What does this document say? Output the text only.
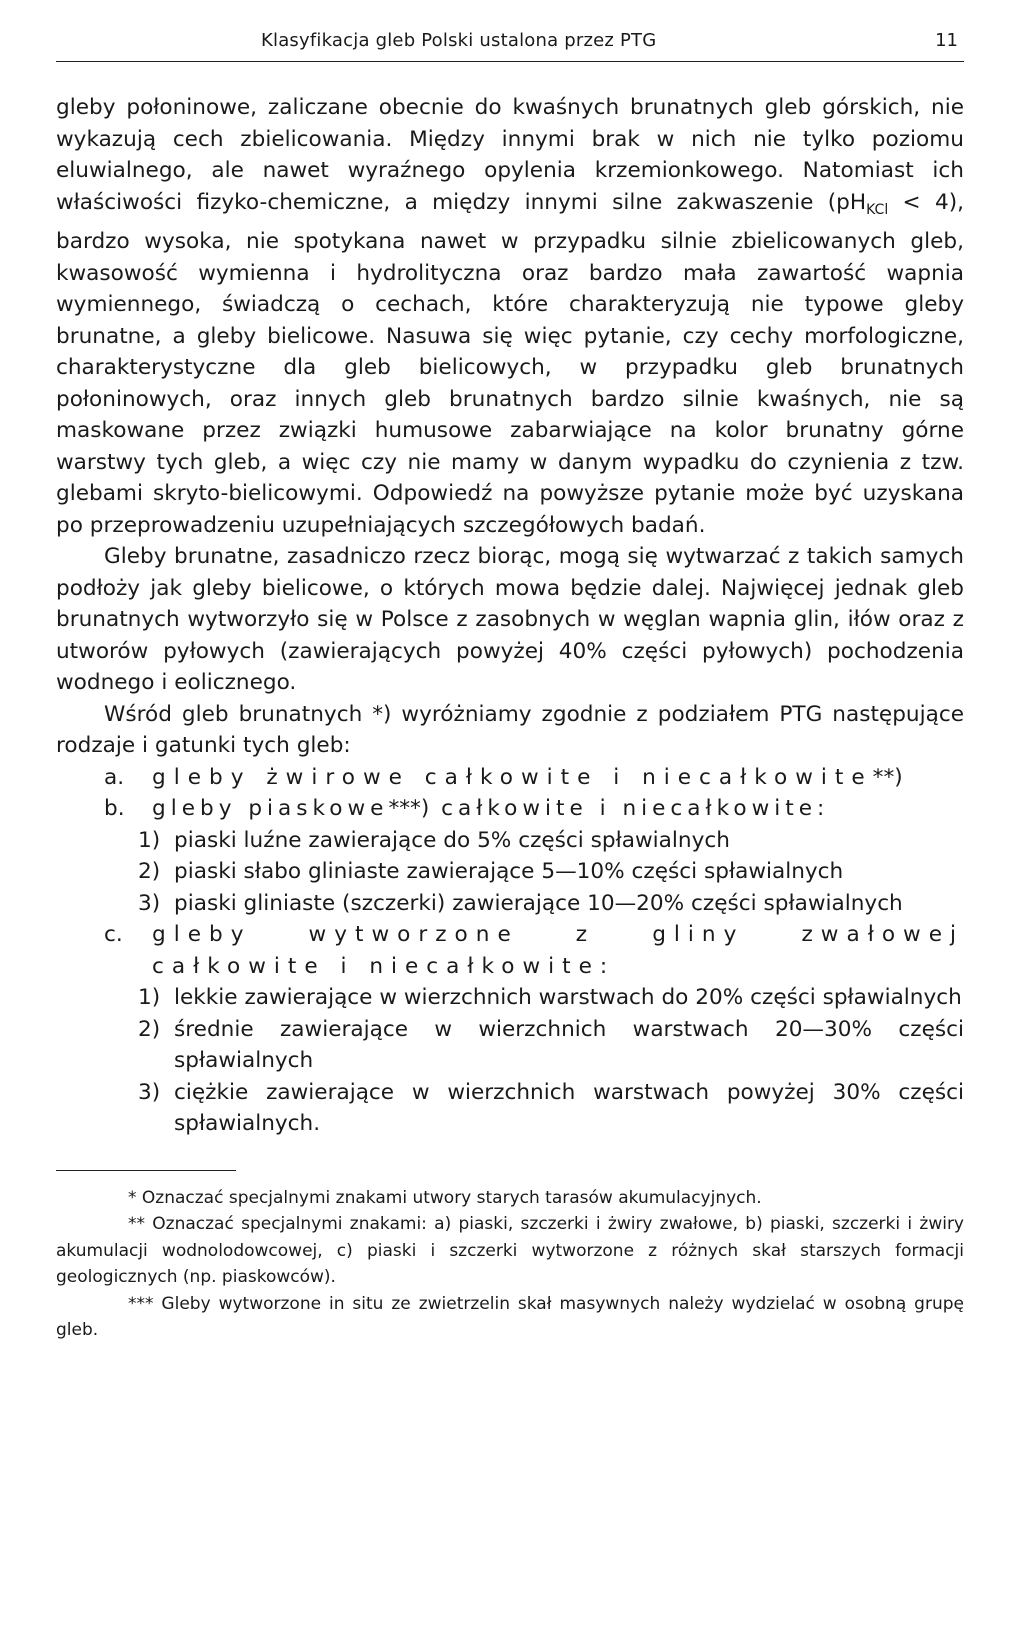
Klasyfikacja gleb Polski ustalona przez PTG	11

gleby połoninowe, zaliczane obecnie do kwaśnych brunatnych gleb górskich, nie wykazują cech zbielicowania. Między innymi brak w nich nie tylko poziomu eluwialnego, ale nawet wyraźnego opylenia krzemionkowego. Natomiast ich właściwości fizyko-chemiczne, a między innymi silne zakwaszenie $(pH_{KCl} < 4)$, bardzo wysoka, nie spotykana nawet w przypadku silnie zbielicowanych gleb, kwasowość wymienna i hydrolityczna oraz bardzo mała zawartość wapnia wymiennego, świadczą o cechach, które charakteryzują nie typowe gleby brunatne, a gleby bielicowe. Nasuwa się więc pytanie, czy cechy morfologiczne, charakterystyczne dla gleb bielicowych, w przypadku gleb brunatnych połoninowych, oraz innych gleb brunatnych bardzo silnie kwaśnych, nie są maskowane przez związki humusowe zabarwiające na kolor brunatny górne warstwy tych gleb, a więc czy nie mamy w danym wypadku do czynienia z tzw. glebami skryto-bielicowymi. Odpowiedź na powyższe pytanie może być uzyskana po przeprowadzeniu uzupełniających szczegółowych badań.

Gleby brunatne, zasadniczo rzecz biorąc, mogą się wytwarzać z takich samych podłoży jak gleby bielicowe, o których mowa będzie dalej. Najwięcej jednak gleb brunatnych wytworzyło się w Polsce z zasobnych w węglan wapnia glin, iłów oraz z utworów pyłowych (zawierających powyżej 40% części pyłowych) pochodzenia wodnego i eolicznego.

Wśród gleb brunatnych *) wyróżniamy zgodnie z podziałem PTG następujące rodzaje i gatunki tych gleb:

a.	gleby żwirowe całkowite i niecałkowite**)
b.	gleby piaskowe***) całkowite i niecałkowite:
1) piaski luźne zawierające do 5% części spławialnych
2) piaski słabo gliniaste zawierające 5—10% części spławialnych
3) piaski gliniaste (szczerki) zawierające 10—20% części spławialnych
c.	gleby wytworzone z gliny zwałowej całkowite i niecałkowite:
1) lekkie zawierające w wierzchnich warstwach do 20% części spławialnych
2) średnie zawierające w wierzchnich warstwach 20—30% części spławialnych
3) ciężkie zawierające w wierzchnich warstwach powyżej 30% części spławialnych.

* Oznaczać specjalnymi znakami utwory starych tarasów akumulacyjnych.

** Oznaczać specjalnymi znakami: a) piaski, szczerki i żwiry zwałowe, b) piaski, szczerki i żwiry akumulacji wodnolodowcowej, c) piaski i szczerki wytworzone z różnych skał starszych formacji geologicznych (np. piaskowców).

*** Gleby wytworzone in situ ze zwietrzelin skał masywnych należy wydzielać w osobną grupę gleb.
